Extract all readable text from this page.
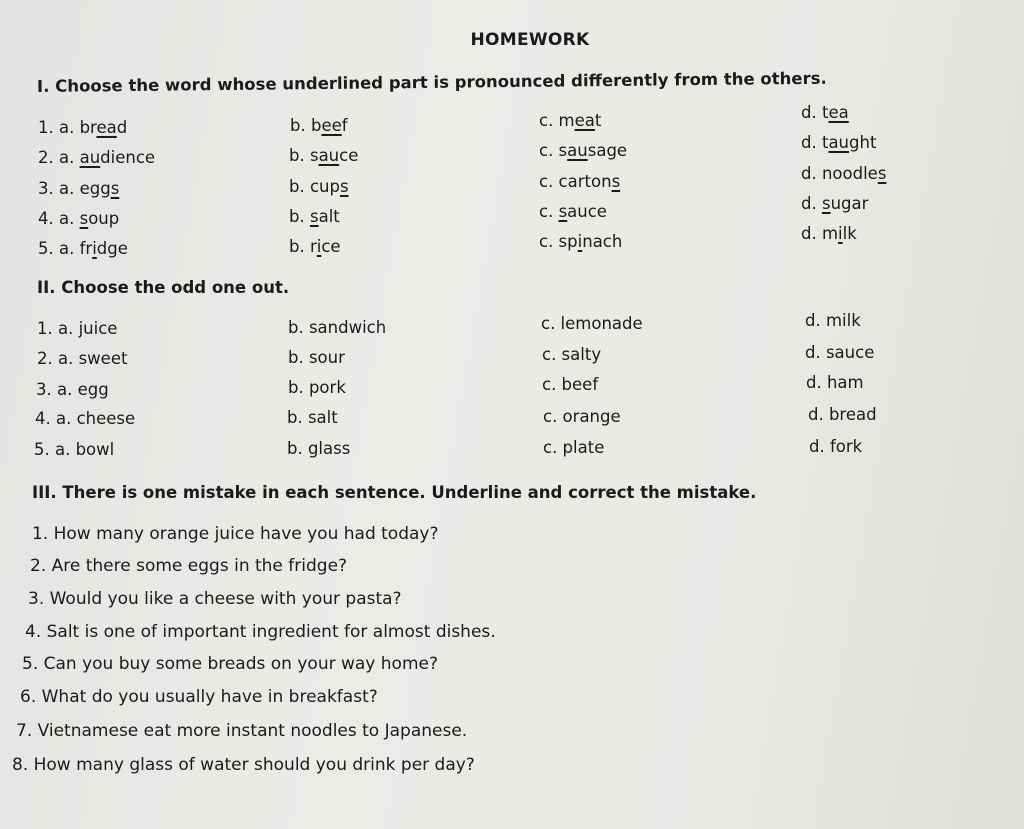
HOMEWORK
I. Choose the word whose underlined part is pronounced differently from the others.
1. a. bread	b. beef	c. meat	d. tea
2. a. audience	b. sauce	c. sausage	d. taught
3. a. eggs	b. cups	c. cartons	d. noodles
4. a. soup	b. salt	c. sauce	d. sugar
5. a. fridge	b. rice	c. spinach	d. milk
II. Choose the odd one out.
1. a. juice	b. sandwich	c. lemonade	d. milk
2. a. sweet	b. sour	c. salty	d. sauce
3. a. egg	b. pork	c. beef	d. ham
4. a. cheese	b. salt	c. orange	d. bread
5. a. bowl	b. glass	c. plate	d. fork
III. There is one mistake in each sentence. Underline and correct the mistake.
1. How many orange juice have you had today?
2. Are there some eggs in the fridge?
3. Would you like a cheese with your pasta?
4. Salt is one of important ingredient for almost dishes.
5. Can you buy some breads on your way home?
6. What do you usually have in breakfast?
7. Vietnamese eat more instant noodles to Japanese.
8. How many glass of water should you drink per day?
